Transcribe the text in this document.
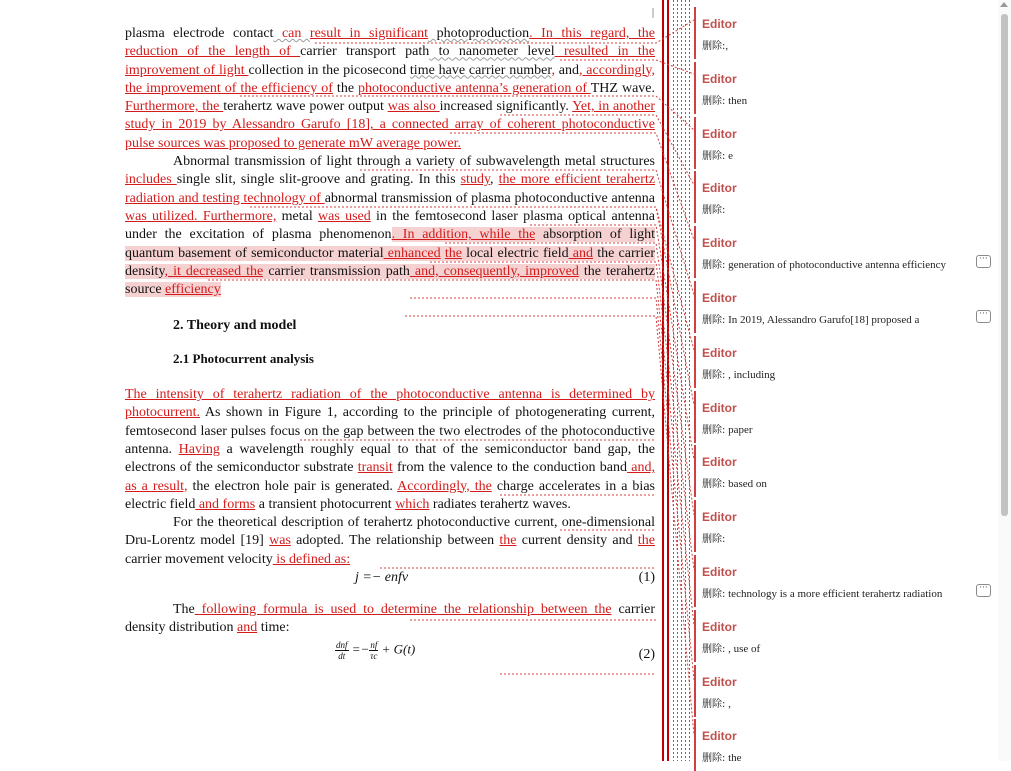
plasma electrode contact can result in significant photoproduction. In this regard, the reduction of the length of carrier transport path to nanometer level resulted in the improvement of light collection in the picosecond time have carrier number, and, accordingly, the improvement of the efficiency of the photoconductive antenna’s generation of THZ wave. Furthermore, the terahertz wave power output was also increased significantly. Yet, in another study in 2019 by Alessandro Garufo [18], a connected array of coherent photoconductive pulse sources was proposed to generate mW average power.

Abnormal transmission of light through a variety of subwavelength metal structures includes single slit, single slit-groove and grating. In this study, the more efficient terahertz radiation and testing technology of abnormal transmission of plasma photoconductive antenna was utilized. Furthermore, metal was used in the femtosecond laser plasma optical antenna under the excitation of plasma phenomenon. In addition, while the absorption of light quantum basement of semiconductor material enhanced the local electric field and the carrier density, it decreased the carrier transmission path and, consequently, improved the terahertz source efficiency

2. Theory and model
2.1 Photocurrent analysis

The intensity of terahertz radiation of the photoconductive antenna is determined by photocurrent. As shown in Figure 1, according to the principle of photogenerating current, femtosecond laser pulses focus on the gap between the two electrodes of the photoconductive antenna. Having a wavelength roughly equal to that of the semiconductor band gap, the electrons of the semiconductor substrate transit from the valence to the conduction band and, as a result, the electron hole pair is generated. Accordingly, the charge accelerates in a bias electric field and forms a transient photocurrent which radiates terahertz waves.

For the theoretical description of terahertz photoconductive current, one-dimensional Dru-Lorentz model [19] was adopted. The relationship between the current density and the carrier movement velocity is defined as:

j =− enfv	(1)

The following formula is used to determine the relationship between the carrier density distribution and time:

$\frac{\text{dnf}}{dt} =- \frac{nf}{\tau c} + G(t)$	(2)
Editor
删除:,
Editor
删除: then
Editor
删除: e
Editor
删除:
Editor
删除: generation of photoconductive antenna efficiency	···
Editor
删除: In 2019, Alessandro Garufo[18] proposed a	···
Editor
删除: , including
Editor
删除: paper
Editor
删除: based on
Editor
删除:
Editor
删除: technology is a more efficient terahertz radiation	···
Editor
删除: , use of
Editor
删除: ,
Editor
删除: the
